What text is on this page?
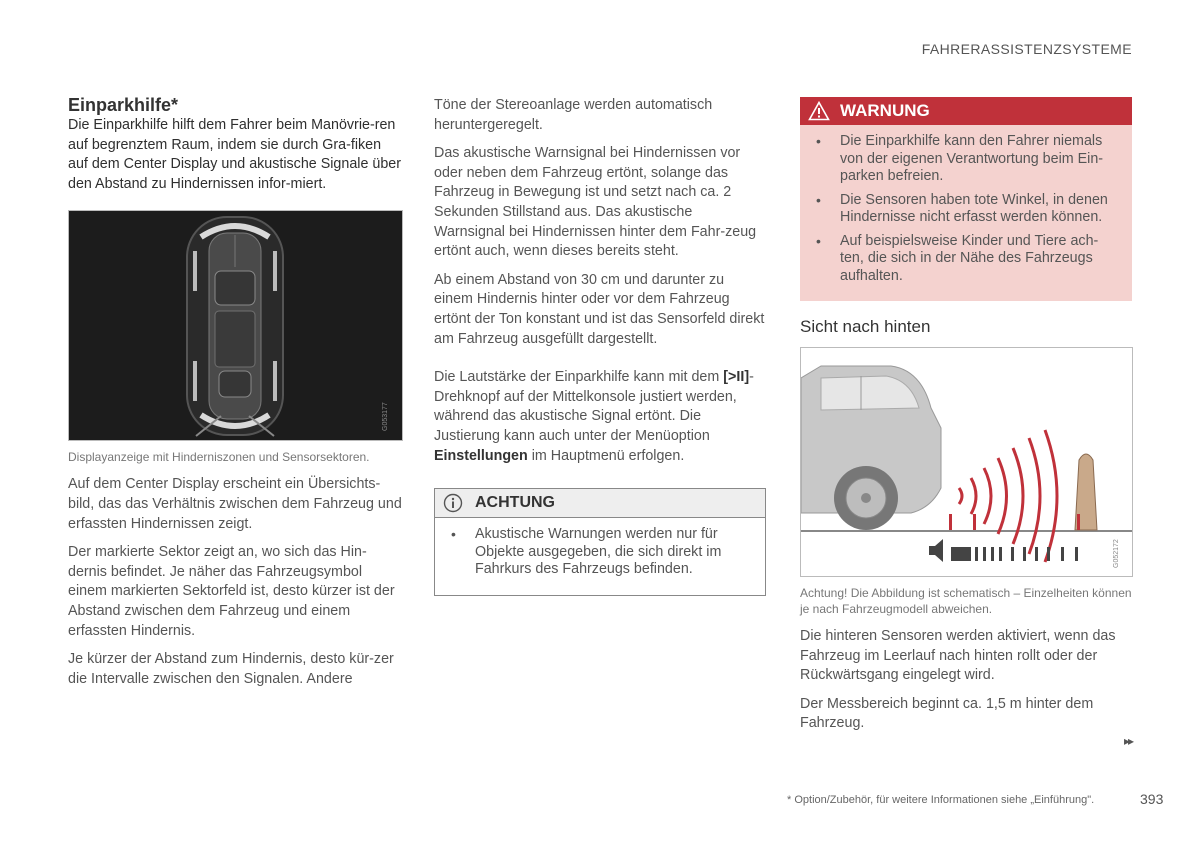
FAHRERASSISTENZSYSTEME
Einparkhilfe*

Die Einparkhilfe hilft dem Fahrer beim Manövrie-ren auf begrenztem Raum, indem sie durch Gra-fiken auf dem Center Display und akustische Signale über den Abstand zu Hindernissen infor-miert.

G053177
Displayanzeige mit Hinderniszonen und Sensorsektoren.

Auf dem Center Display erscheint ein Übersichts-bild, das das Verhältnis zwischen dem Fahrzeug und erfassten Hindernissen zeigt.

Der markierte Sektor zeigt an, wo sich das Hin-dernis befindet. Je näher das Fahrzeugsymbol einem markierten Sektorfeld ist, desto kürzer ist der Abstand zwischen dem Fahrzeug und einem erfassten Hindernis.

Je kürzer der Abstand zum Hindernis, desto kür-zer die Intervalle zwischen den Signalen. Andere

Töne der Stereoanlage werden automatisch heruntergeregelt.

Das akustische Warnsignal bei Hindernissen vor oder neben dem Fahrzeug ertönt, solange das Fahrzeug in Bewegung ist und setzt nach ca. 2 Sekunden Stillstand aus. Das akustische Warnsignal bei Hindernissen hinter dem Fahr-zeug ertönt auch, wenn dieses bereits steht.

Ab einem Abstand von 30 cm und darunter zu einem Hindernis hinter oder vor dem Fahrzeug ertönt der Ton konstant und ist das Sensorfeld direkt am Fahrzeug ausgefüllt dargestellt.

Die Lautstärke der Einparkhilfe kann mit dem [>II]-Drehknopf auf der Mittelkonsole justiert werden, während das akustische Signal ertönt. Die Justierung kann auch unter der Menüoption Einstellungen im Hauptmenü erfolgen.

ACHTUNG
• Akustische Warnungen werden nur für Objekte ausgegeben, die sich direkt im Fahrkurs des Fahrzeugs befinden.
WARNUNG
• Die Einparkhilfe kann den Fahrer niemals von der eigenen Verantwortung beim Ein-parken befreien.
• Die Sensoren haben tote Winkel, in denen Hindernisse nicht erfasst werden können.
• Auf beispielsweise Kinder und Tiere ach-ten, die sich in der Nähe des Fahrzeugs aufhalten.
Sicht nach hinten
G052172
Achtung! Die Abbildung ist schematisch – Einzelheiten können je nach Fahrzeugmodell abweichen.

Die hinteren Sensoren werden aktiviert, wenn das Fahrzeug im Leerlauf nach hinten rollt oder der Rückwärtsgang eingelegt wird.

Der Messbereich beginnt ca. 1,5 m hinter dem Fahrzeug.

▸▸
* Option/Zubehör, für weitere Informationen siehe „Einführung".	393
